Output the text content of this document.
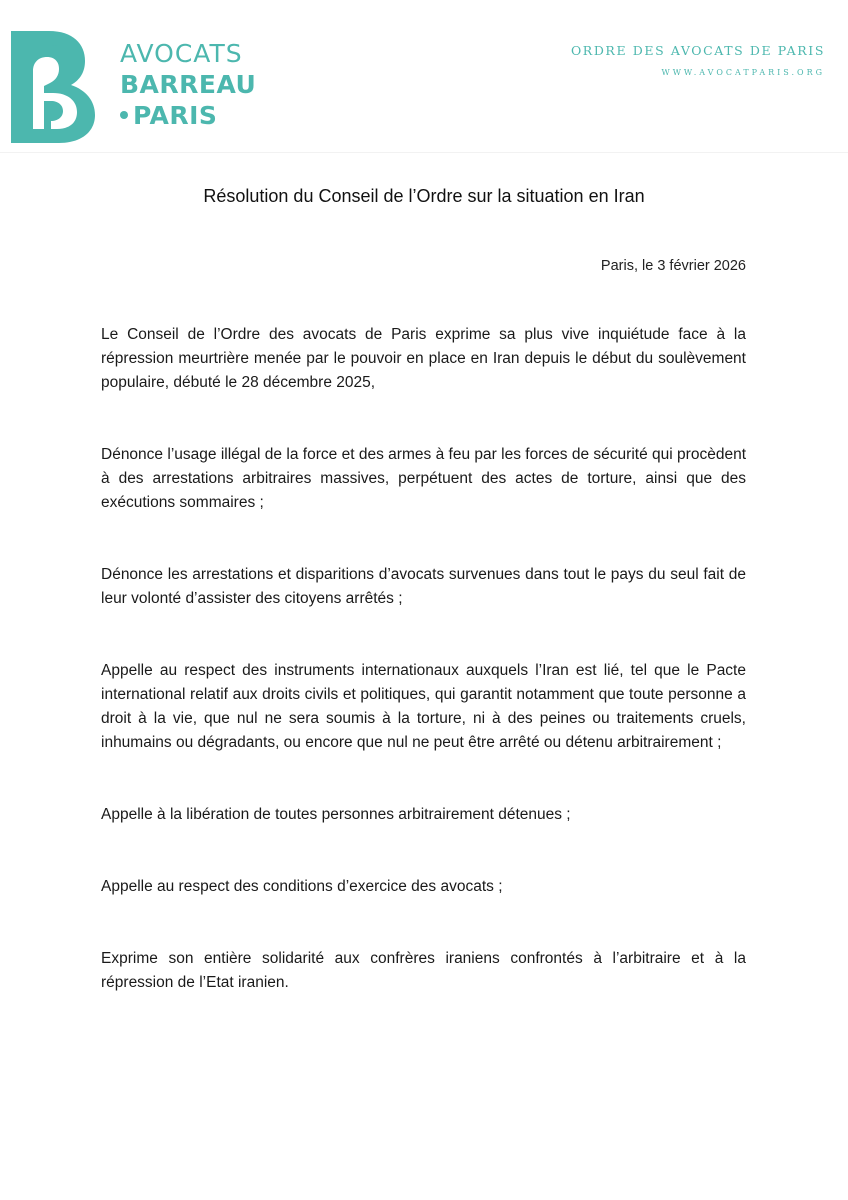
AVOCATS
BARREAU
PARIS
ORDRE DES AVOCATS DE PARIS
WWW.AVOCATPARIS.ORG
Résolution du Conseil de l’Ordre sur la situation en Iran
Paris, le 3 février 2026

Le Conseil de l’Ordre des avocats de Paris exprime sa plus vive inquiétude face à la répression meurtrière menée par le pouvoir en place en Iran depuis le début du soulèvement populaire, débuté le 28 décembre 2025,

Dénonce l’usage illégal de la force et des armes à feu par les forces de sécurité qui procèdent à des arrestations arbitraires massives, perpétuent des actes de torture, ainsi que des exécutions sommaires ;

Dénonce les arrestations et disparitions d’avocats survenues dans tout le pays du seul fait de leur volonté d’assister des citoyens arrêtés ;

Appelle au respect des instruments internationaux auxquels l’Iran est lié, tel que le Pacte international relatif aux droits civils et politiques, qui garantit notamment que toute personne a droit à la vie, que nul ne sera soumis à la torture, ni à des peines ou traitements cruels, inhumains ou dégradants, ou encore que nul ne peut être arrêté ou détenu arbitrairement ;

Appelle à la libération de toutes personnes arbitrairement détenues ;

Appelle au respect des conditions d’exercice des avocats ;

Exprime son entière solidarité aux confrères iraniens confrontés à l’arbitraire et à la répression de l’Etat iranien.
